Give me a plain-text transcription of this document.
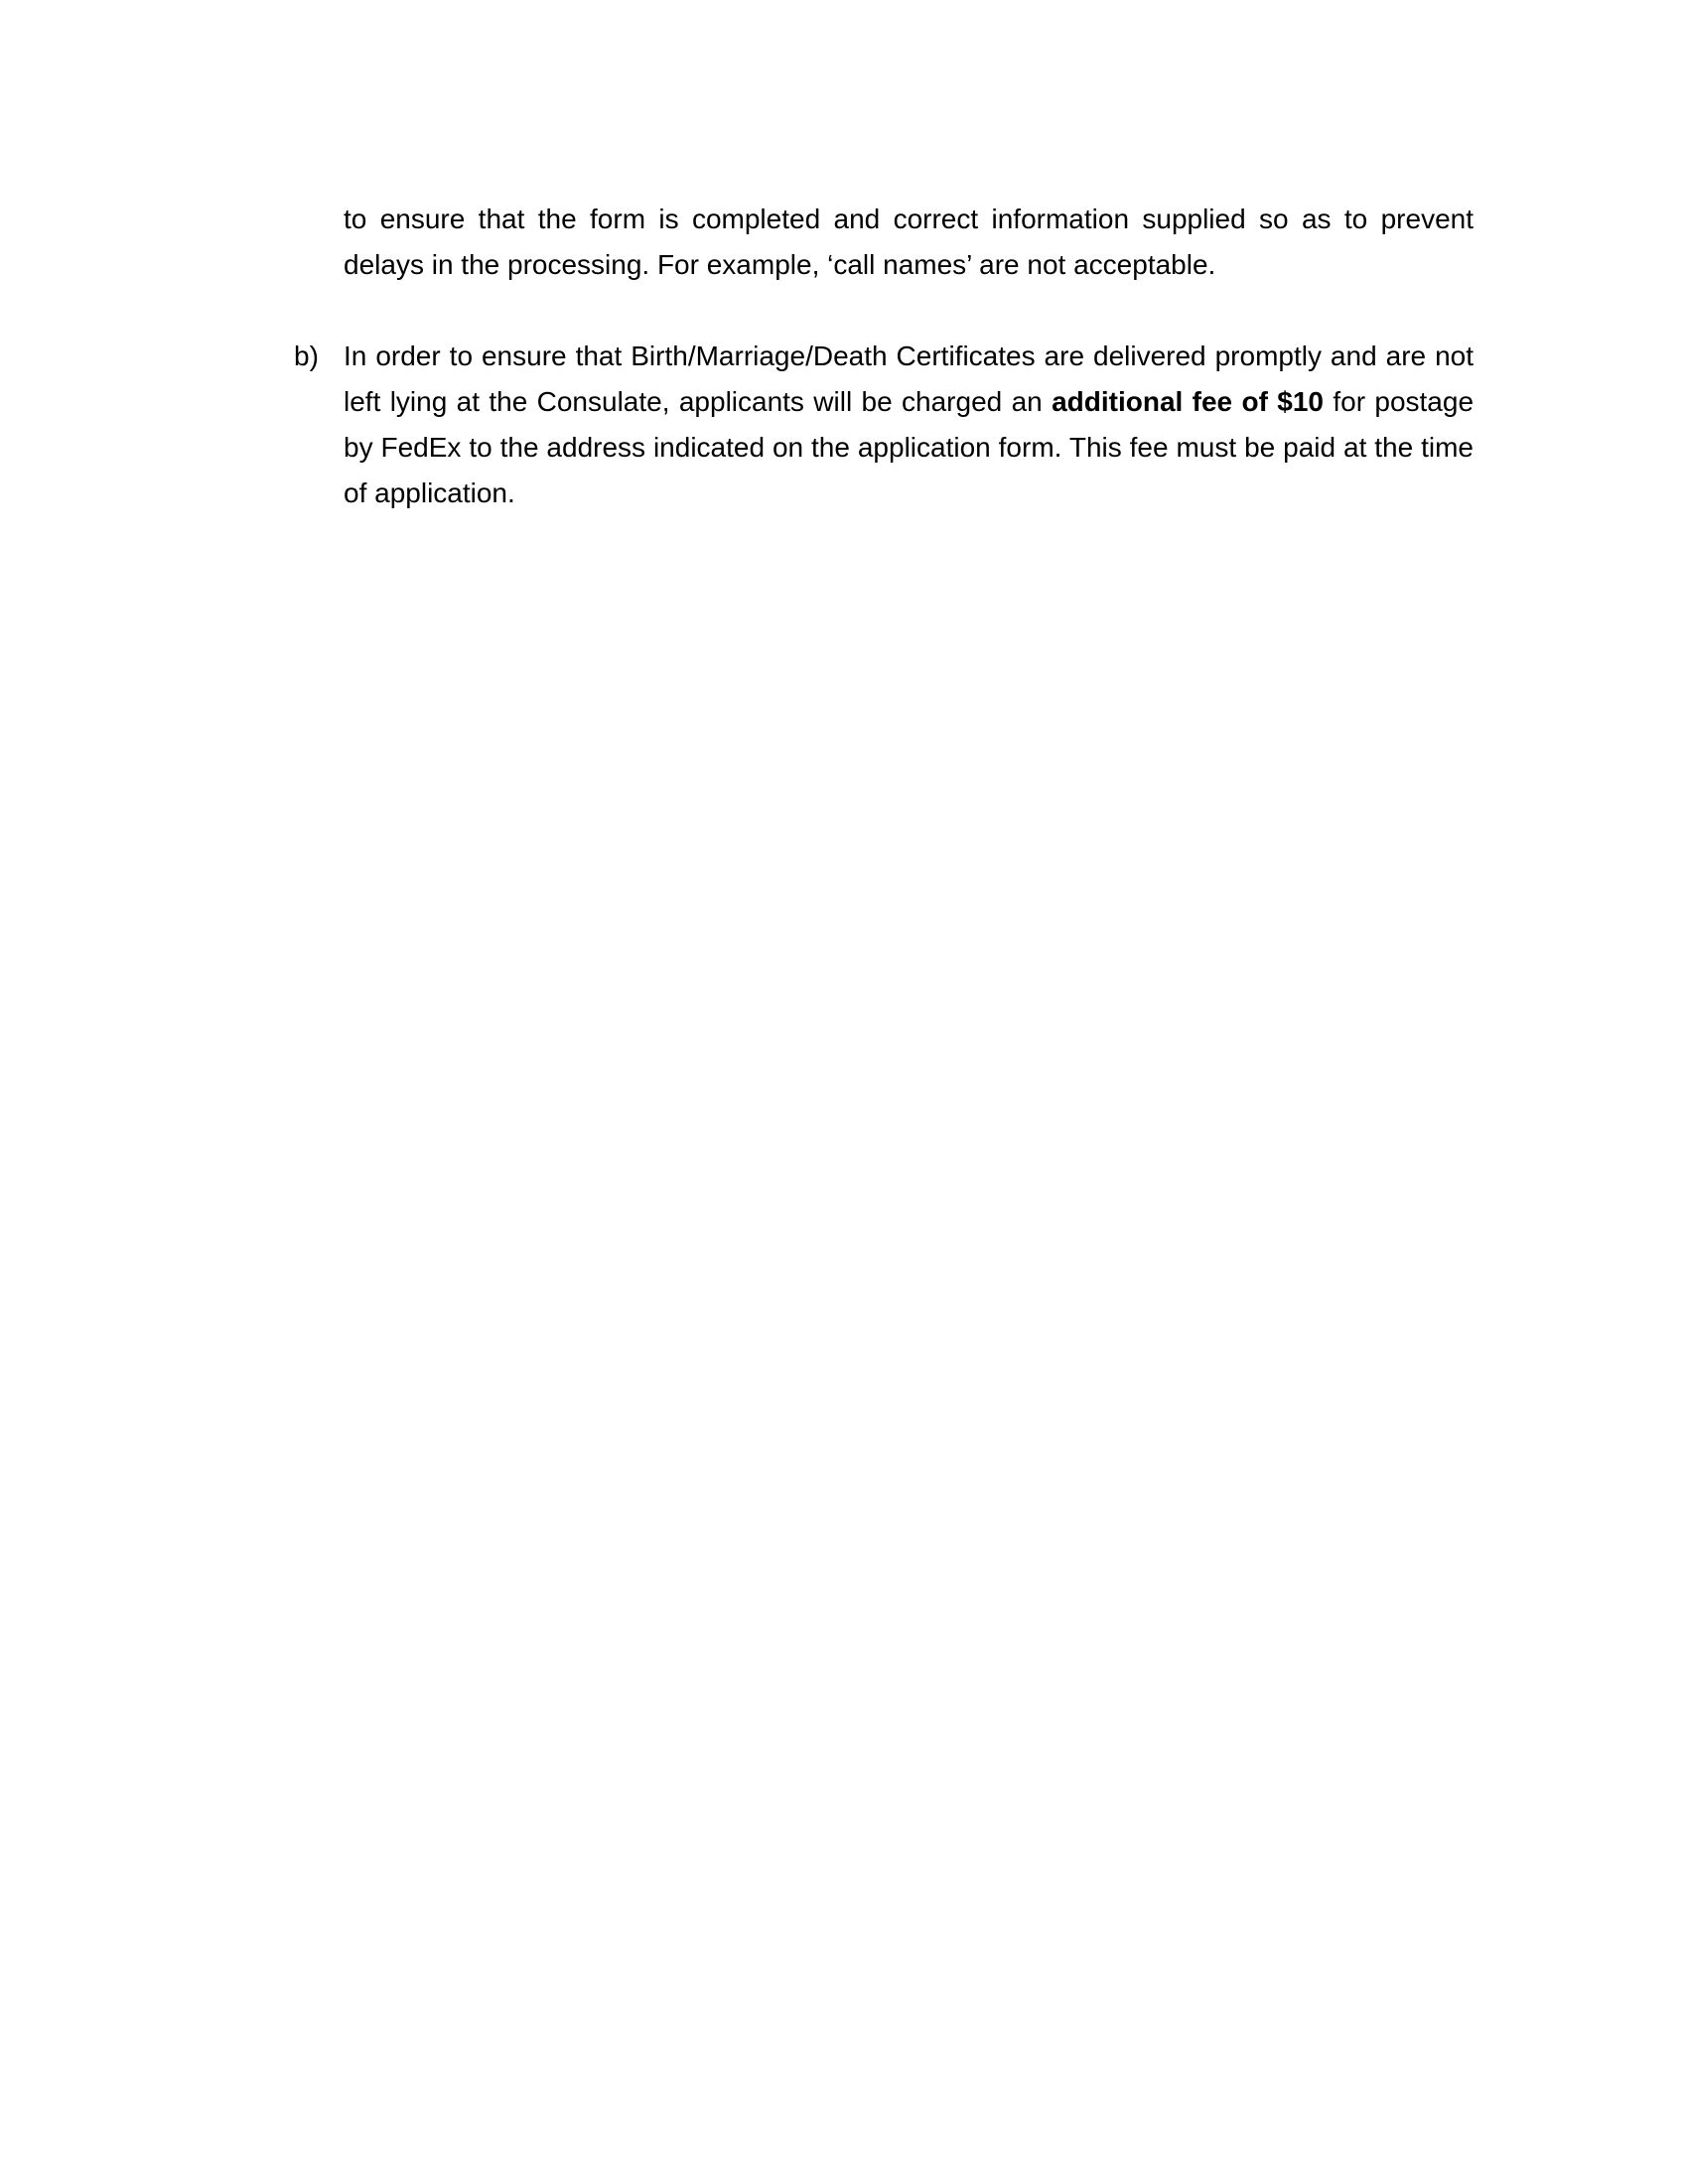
to ensure that the form is completed and correct information supplied so as to prevent delays in the processing. For example, ‘call names’ are not acceptable.

b) In order to ensure that Birth/Marriage/Death Certificates are delivered promptly and are not left lying at the Consulate, applicants will be charged an additional fee of $10 for postage by FedEx to the address indicated on the application form. This fee must be paid at the time of application.
